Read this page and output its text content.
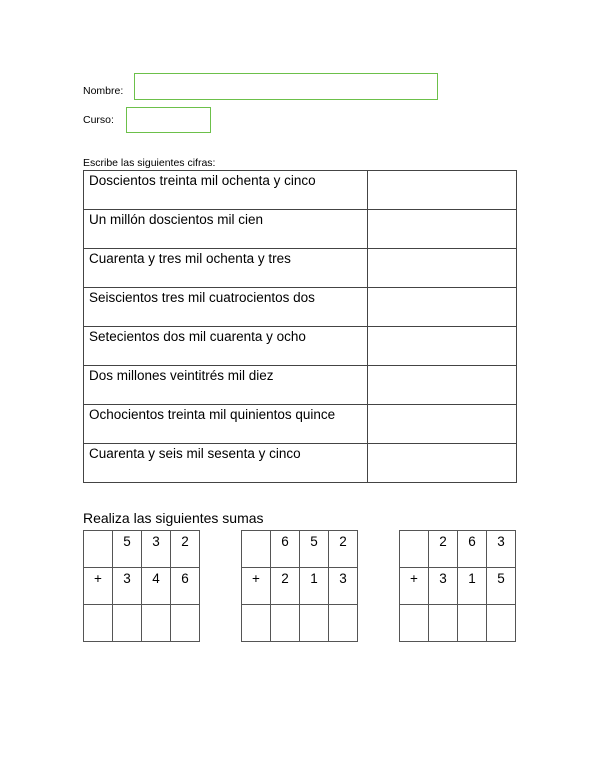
Nombre:
Curso:
Escribe las siguientes cifras:
Doscientos treinta mil ochenta y cinco	
Un millón doscientos mil cien	
Cuarenta y tres mil ochenta y tres	
Seiscientos tres mil cuatrocientos dos	
Setecientos dos mil cuarenta y ocho	
Dos millones veintitrés mil diez	
Ochocientos treinta mil quinientos quince	
Cuarenta y seis mil sesenta y cinco	
Realiza las siguientes sumas
	5	3	2
+	3	4	6

	6	5	2
+	2	1	3

	2	6	3
+	3	1	5
